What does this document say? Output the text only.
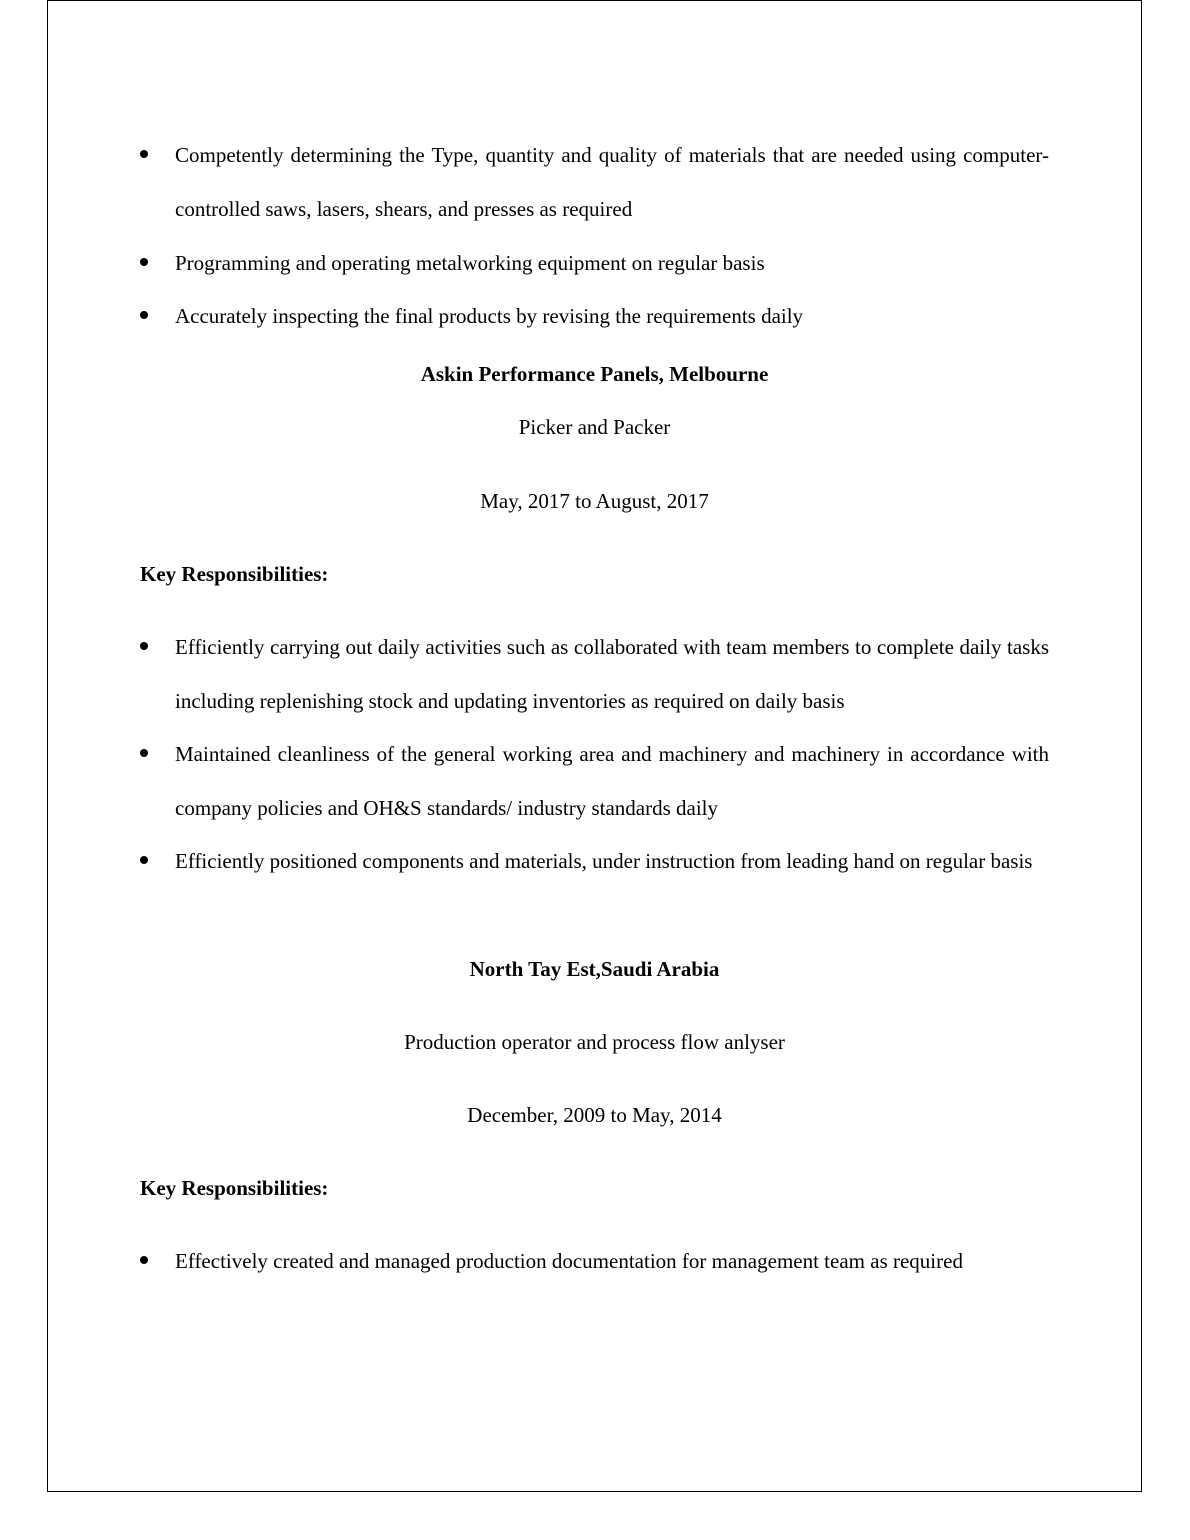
Competently determining the Type, quantity and quality of materials that are needed using computer-controlled saws, lasers, shears, and presses as required
Programming and operating metalworking equipment on regular basis
Accurately inspecting the final products by revising the requirements daily
Askin Performance Panels, Melbourne
Picker and Packer
May, 2017 to August, 2017
Key Responsibilities:
Efficiently carrying out daily activities such as collaborated with team members to complete daily tasks including replenishing stock and updating inventories as required on daily basis
Maintained cleanliness of the general working area and machinery and machinery in accordance with company policies and OH&S standards/ industry standards daily
Efficiently positioned components and materials, under instruction from leading hand on regular basis
North Tay Est,Saudi Arabia
Production operator and process flow anlyser
December, 2009 to May, 2014
Key Responsibilities:
Effectively created and managed production documentation for management team as required
